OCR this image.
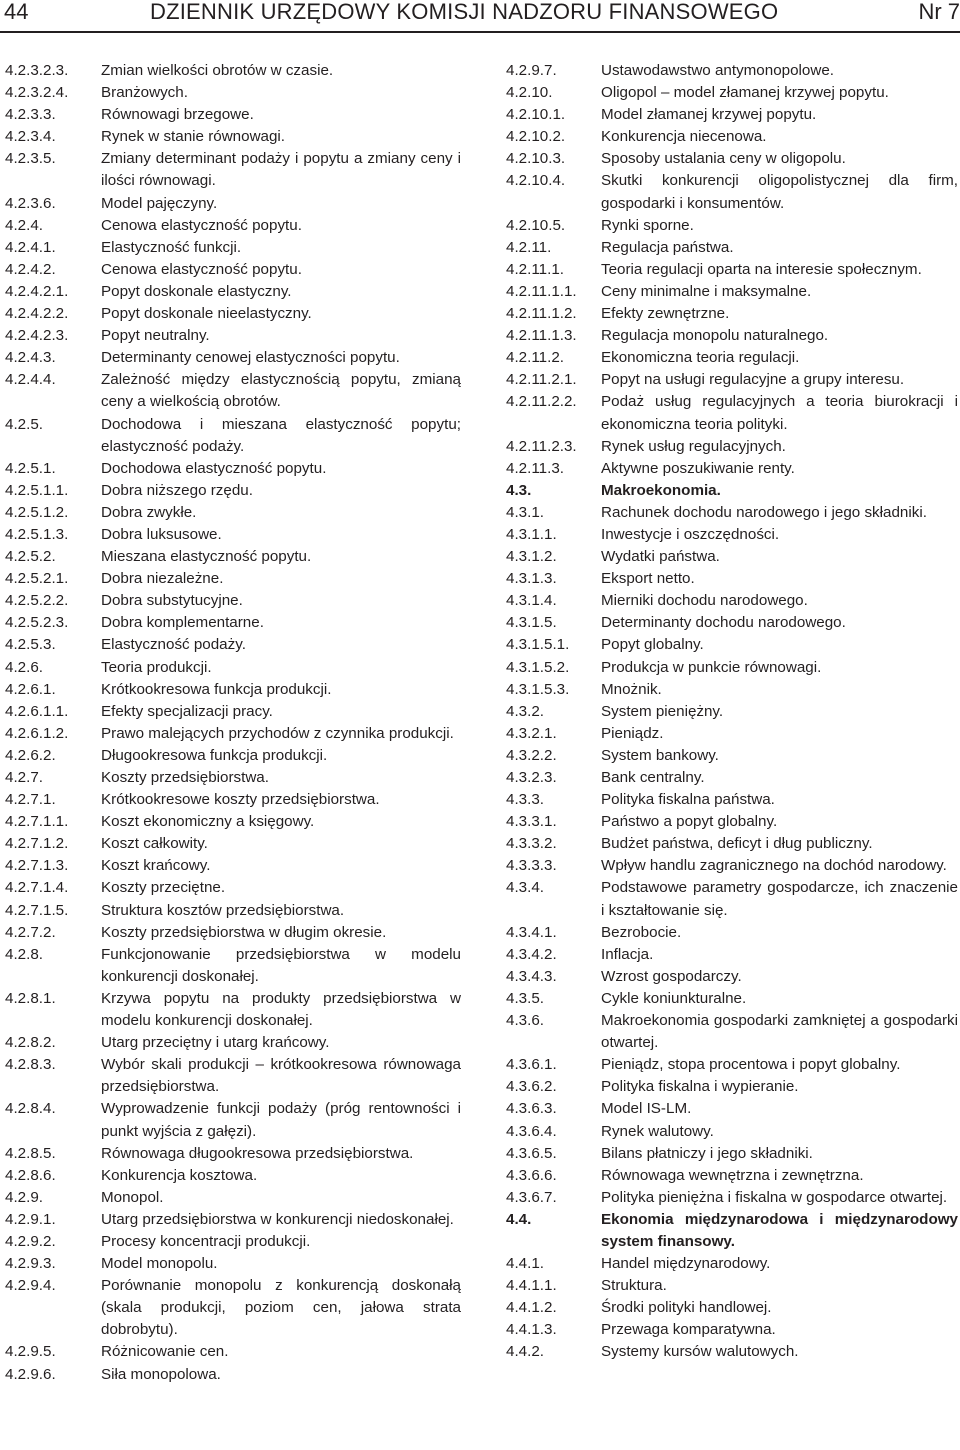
44	DZIENNIK URZĘDOWY KOMISJI NADZORU FINANSOWEGO	Nr 7
4.2.3.2.3.	Zmian wielkości obrotów w czasie.
4.2.3.2.4.	Branżowych.
4.2.3.3.	Równowagi brzegowe.
4.2.3.4.	Rynek w stanie równowagi.
4.2.3.5.	Zmiany determinant podaży i popytu a zmiany ceny i ilości równowagi.
4.2.3.6.	Model pajęczyny.
4.2.4.	Cenowa elastyczność popytu.
4.2.4.1.	Elastyczność funkcji.
4.2.4.2.	Cenowa elastyczność popytu.
4.2.4.2.1.	Popyt doskonale elastyczny.
4.2.4.2.2.	Popyt doskonale nieelastyczny.
4.2.4.2.3.	Popyt neutralny.
4.2.4.3.	Determinanty cenowej elastyczności popytu.
4.2.4.4.	Zależność między elastycznością popytu, zmianą ceny a wielkością obrotów.
4.2.5.	Dochodowa i mieszana elastyczność popytu; elastyczność podaży.
4.2.5.1.	Dochodowa elastyczność popytu.
4.2.5.1.1.	Dobra niższego rzędu.
4.2.5.1.2.	Dobra zwykłe.
4.2.5.1.3.	Dobra luksusowe.
4.2.5.2.	Mieszana elastyczność popytu.
4.2.5.2.1.	Dobra niezależne.
4.2.5.2.2.	Dobra substytucyjne.
4.2.5.2.3.	Dobra komplementarne.
4.2.5.3.	Elastyczność podaży.
4.2.6.	Teoria produkcji.
4.2.6.1.	Krótkookresowa funkcja produkcji.
4.2.6.1.1.	Efekty specjalizacji pracy.
4.2.6.1.2.	Prawo malejących przychodów z czynnika produkcji.
4.2.6.2.	Długookresowa funkcja produkcji.
4.2.7.	Koszty przedsiębiorstwa.
4.2.7.1.	Krótkookresowe koszty przedsiębiorstwa.
4.2.7.1.1.	Koszt ekonomiczny a księgowy.
4.2.7.1.2.	Koszt całkowity.
4.2.7.1.3.	Koszt krańcowy.
4.2.7.1.4.	Koszty przeciętne.
4.2.7.1.5.	Struktura kosztów przedsiębiorstwa.
4.2.7.2.	Koszty przedsiębiorstwa w długim okresie.
4.2.8.	Funkcjonowanie przedsiębiorstwa w modelu konkurencji doskonałej.
4.2.8.1.	Krzywa popytu na produkty przedsiębiorstwa w modelu konkurencji doskonałej.
4.2.8.2.	Utarg przeciętny i utarg krańcowy.
4.2.8.3.	Wybór skali produkcji – krótkookresowa równowaga przedsiębiorstwa.
4.2.8.4.	Wyprowadzenie funkcji podaży (próg rentowności i punkt wyjścia z gałęzi).
4.2.8.5.	Równowaga długookresowa przedsiębiorstwa.
4.2.8.6.	Konkurencja kosztowa.
4.2.9.	Monopol.
4.2.9.1.	Utarg przedsiębiorstwa w konkurencji niedoskonałej.
4.2.9.2.	Procesy koncentracji produkcji.
4.2.9.3.	Model monopolu.
4.2.9.4.	Porównanie monopolu z konkurencją doskonałą (skala produkcji, poziom cen, jałowa strata dobrobytu).
4.2.9.5.	Różnicowanie cen.
4.2.9.6.	Siła monopolowa.
4.2.9.7.	Ustawodawstwo antymonopolowe.
4.2.10.	Oligopol – model złamanej krzywej popytu.
4.2.10.1.	Model złamanej krzywej popytu.
4.2.10.2.	Konkurencja niecenowa.
4.2.10.3.	Sposoby ustalania ceny w oligopolu.
4.2.10.4.	Skutki konkurencji oligopolistycznej dla firm, gospodarki i konsumentów.
4.2.10.5.	Rynki sporne.
4.2.11.	Regulacja państwa.
4.2.11.1.	Teoria regulacji oparta na interesie społecznym.
4.2.11.1.1.	Ceny minimalne i maksymalne.
4.2.11.1.2.	Efekty zewnętrzne.
4.2.11.1.3.	Regulacja monopolu naturalnego.
4.2.11.2.	Ekonomiczna teoria regulacji.
4.2.11.2.1.	Popyt na usługi regulacyjne a grupy interesu.
4.2.11.2.2.	Podaż usług regulacyjnych a teoria biurokracji i ekonomiczna teoria polityki.
4.2.11.2.3.	Rynek usług regulacyjnych.
4.2.11.3.	Aktywne poszukiwanie renty.
4.3.	Makroekonomia.
4.3.1.	Rachunek dochodu narodowego i jego składniki.
4.3.1.1.	Inwestycje i oszczędności.
4.3.1.2.	Wydatki państwa.
4.3.1.3.	Eksport netto.
4.3.1.4.	Mierniki dochodu narodowego.
4.3.1.5.	Determinanty dochodu narodowego.
4.3.1.5.1.	Popyt globalny.
4.3.1.5.2.	Produkcja w punkcie równowagi.
4.3.1.5.3.	Mnożnik.
4.3.2.	System pieniężny.
4.3.2.1.	Pieniądz.
4.3.2.2.	System bankowy.
4.3.2.3.	Bank centralny.
4.3.3.	Polityka fiskalna państwa.
4.3.3.1.	Państwo a popyt globalny.
4.3.3.2.	Budżet państwa, deficyt i dług publiczny.
4.3.3.3.	Wpływ handlu zagranicznego na dochód narodowy.
4.3.4.	Podstawowe parametry gospodarcze, ich znaczenie i kształtowanie się.
4.3.4.1.	Bezrobocie.
4.3.4.2.	Inflacja.
4.3.4.3.	Wzrost gospodarczy.
4.3.5.	Cykle koniunkturalne.
4.3.6.	Makroekonomia gospodarki zamkniętej a gospodarki otwartej.
4.3.6.1.	Pieniądz, stopa procentowa i popyt globalny.
4.3.6.2.	Polityka fiskalna i wypieranie.
4.3.6.3.	Model IS-LM.
4.3.6.4.	Rynek walutowy.
4.3.6.5.	Bilans płatniczy i jego składniki.
4.3.6.6.	Równowaga wewnętrzna i zewnętrzna.
4.3.6.7.	Polityka pieniężna i fiskalna w gospodarce otwartej.
4.4.	Ekonomia międzynarodowa i międzynarodowy system finansowy.
4.4.1.	Handel międzynarodowy.
4.4.1.1.	Struktura.
4.4.1.2.	Środki polityki handlowej.
4.4.1.3.	Przewaga komparatywna.
4.4.2.	Systemy kursów walutowych.
